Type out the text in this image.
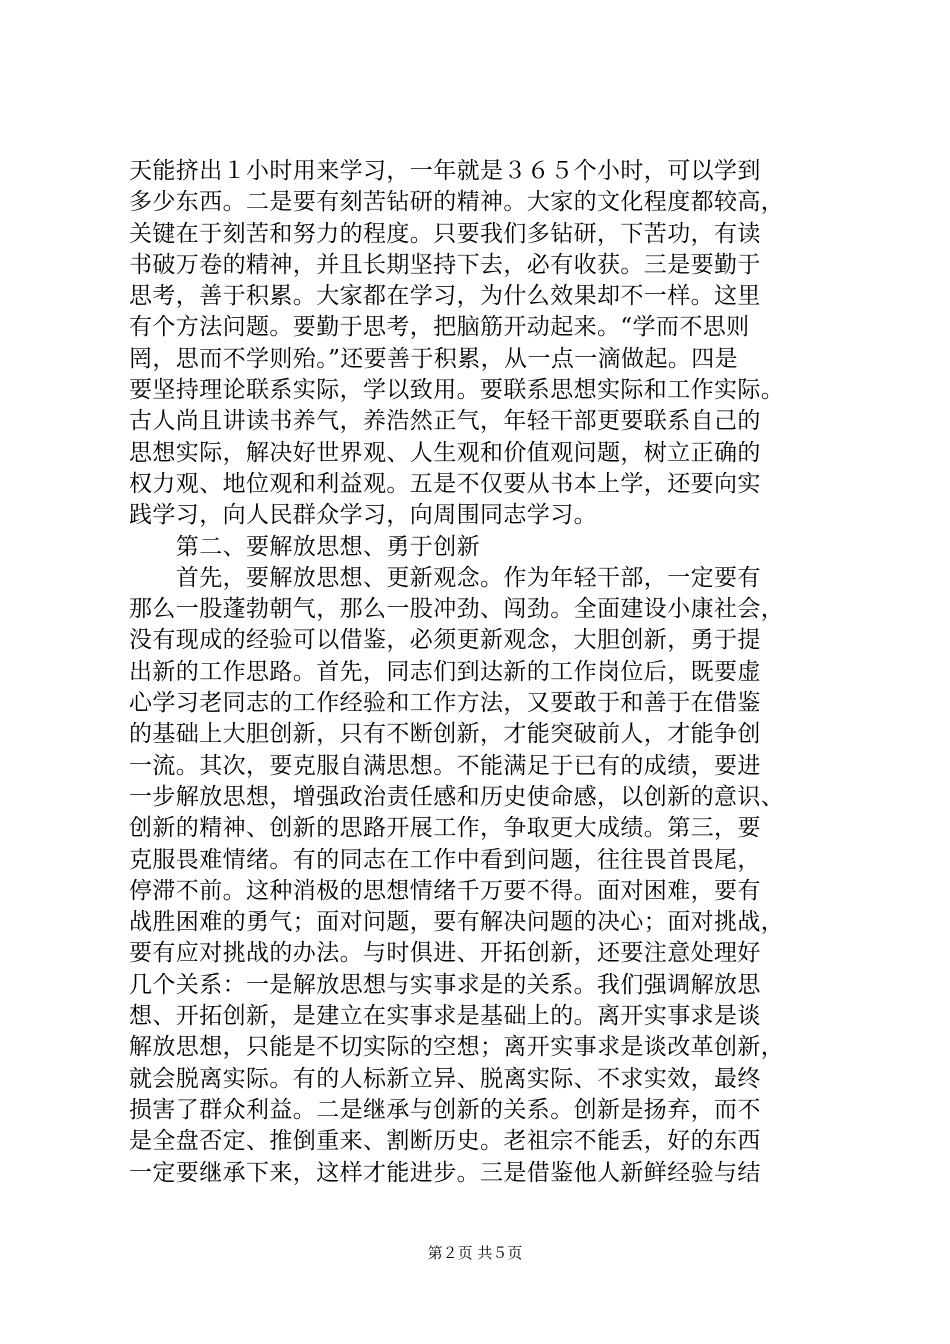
天能挤出１小时用来学习，一年就是３６５个小时，可以学到
多少东西。二是要有刻苦钻研的精神。大家的文化程度都较高，
关键在于刻苦和努力的程度。只要我们多钻研，下苦功，有读
书破万卷的精神，并且长期坚持下去，必有收获。三是要勤于
思考，善于积累。大家都在学习，为什么效果却不一样。这里
有个方法问题。要勤于思考，把脑筋开动起来。“学而不思则
罔，思而不学则殆。”还要善于积累，从一点一滴做起。四是
要坚持理论联系实际，学以致用。要联系思想实际和工作实际。
古人尚且讲读书养气，养浩然正气，年轻干部更要联系自己的
思想实际，解决好世界观、人生观和价值观问题，树立正确的
权力观、地位观和利益观。五是不仅要从书本上学，还要向实
践学习，向人民群众学习，向周围同志学习。
　　第二、要解放思想、勇于创新
　　首先，要解放思想、更新观念。作为年轻干部，一定要有
那么一股蓬勃朝气，那么一股冲劲、闯劲。全面建设小康社会，
没有现成的经验可以借鉴，必须更新观念，大胆创新，勇于提
出新的工作思路。首先，同志们到达新的工作岗位后，既要虚
心学习老同志的工作经验和工作方法，又要敢于和善于在借鉴
的基础上大胆创新，只有不断创新，才能突破前人，才能争创
一流。其次，要克服自满思想。不能满足于已有的成绩，要进
一步解放思想，增强政治责任感和历史使命感，以创新的意识、
创新的精神、创新的思路开展工作，争取更大成绩。第三，要
克服畏难情绪。有的同志在工作中看到问题，往往畏首畏尾，
停滞不前。这种消极的思想情绪千万要不得。面对困难，要有
战胜困难的勇气；面对问题，要有解决问题的决心；面对挑战，
要有应对挑战的办法。与时俱进、开拓创新，还要注意处理好
几个关系：一是解放思想与实事求是的关系。我们强调解放思
想、开拓创新，是建立在实事求是基础上的。离开实事求是谈
解放思想，只能是不切实际的空想；离开实事求是谈改革创新，
就会脱离实际。有的人标新立异、脱离实际、不求实效，最终
损害了群众利益。二是继承与创新的关系。创新是扬弃，而不
是全盘否定、推倒重来、割断历史。老祖宗不能丢，好的东西
一定要继承下来，这样才能进步。三是借鉴他人新鲜经验与结
第２页 共５页
